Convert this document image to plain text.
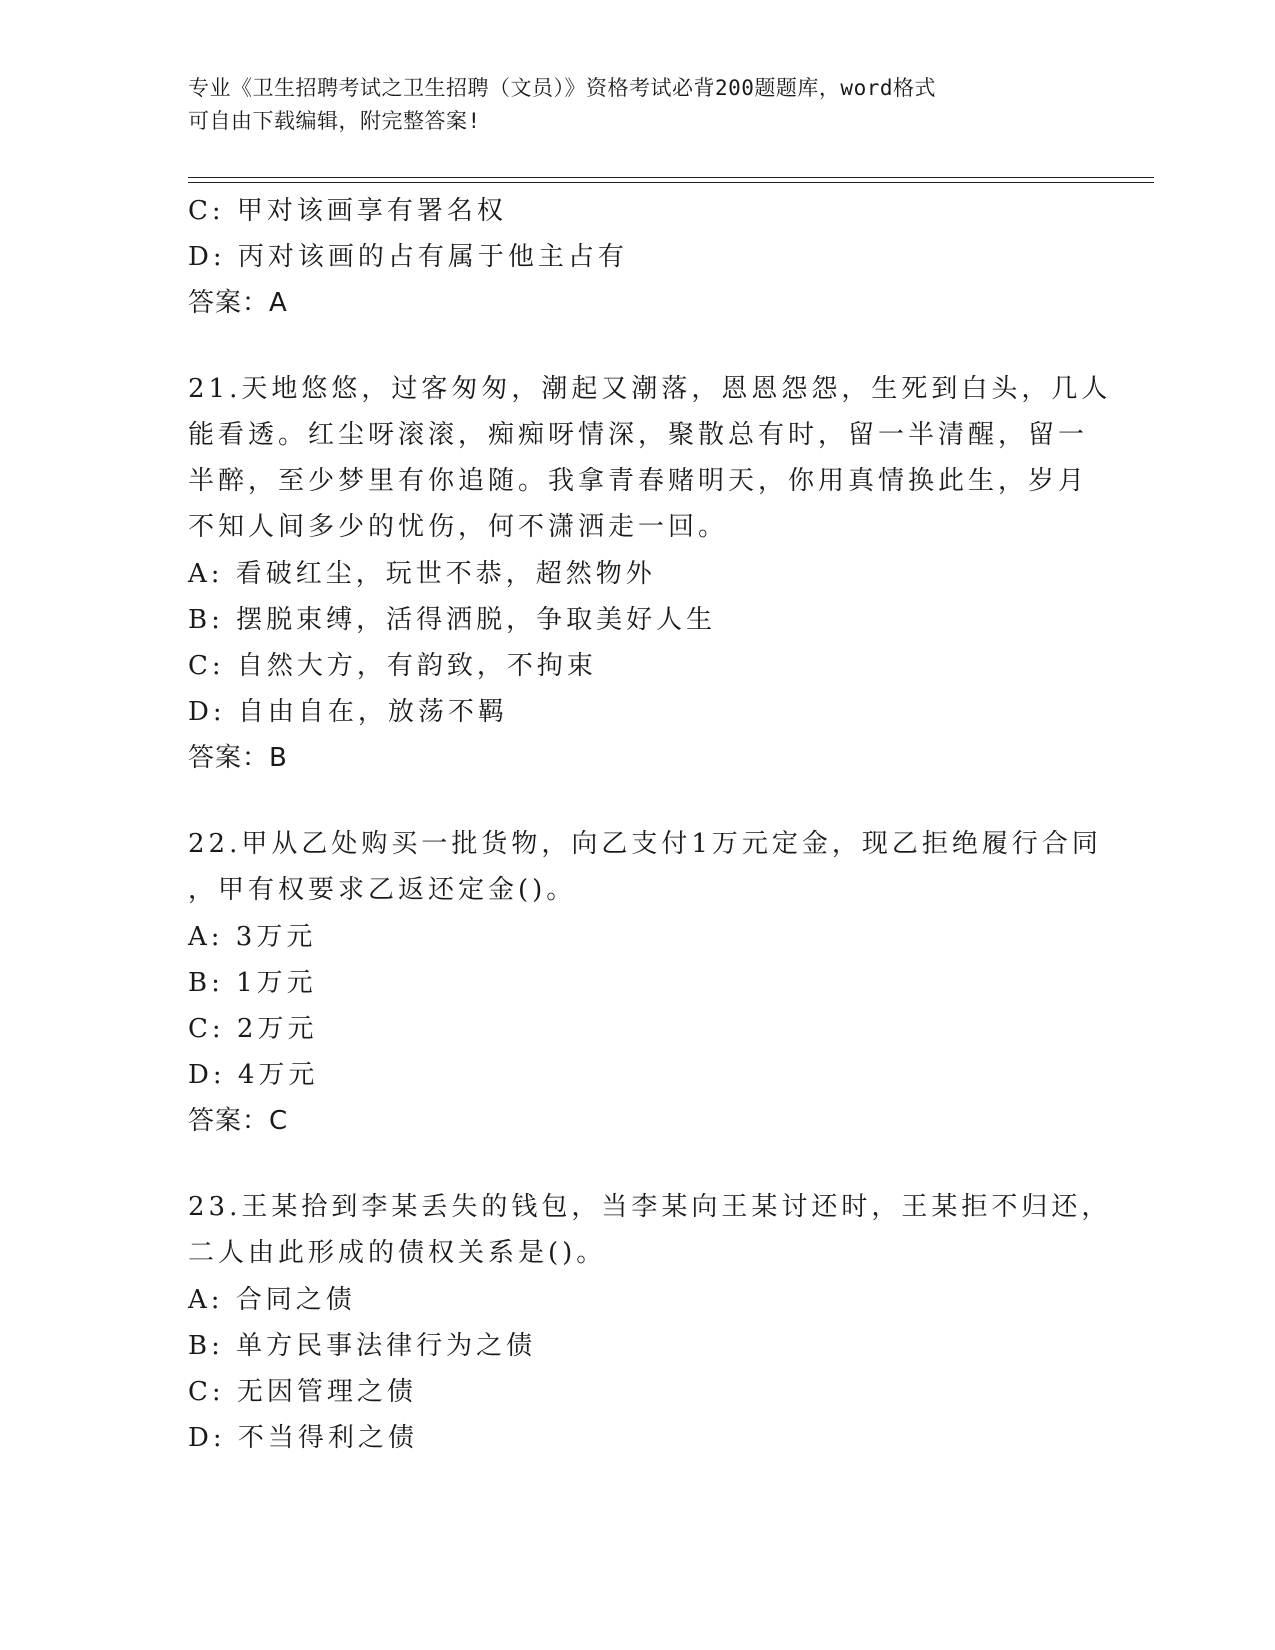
专业《卫生招聘考试之卫生招聘（文员）》资格考试必背200题题库，word格式
可自由下载编辑，附完整答案!
C: 甲对该画享有署名权
D: 丙对该画的占有属于他主占有
答案：A
21.天地悠悠，过客匆匆，潮起又潮落，恩恩怨怨，生死到白头，几人
能看透。红尘呀滚滚，痴痴呀情深，聚散总有时，留一半清醒，留一
半醉，至少梦里有你追随。我拿青春赌明天，你用真情换此生，岁月
不知人间多少的忧伤，何不潇洒走一回。
A: 看破红尘，玩世不恭，超然物外
B: 摆脱束缚，活得洒脱，争取美好人生
C: 自然大方，有韵致，不拘束
D: 自由自在，放荡不羁
答案：B
22.甲从乙处购买一批货物，向乙支付1万元定金，现乙拒绝履行合同
，甲有权要求乙返还定金()。
A: 3万元
B: 1万元
C: 2万元
D: 4万元
答案：C
23.王某拾到李某丢失的钱包，当李某向王某讨还时，王某拒不归还，
二人由此形成的债权关系是()。
A: 合同之债
B: 单方民事法律行为之债
C: 无因管理之债
D: 不当得利之债
